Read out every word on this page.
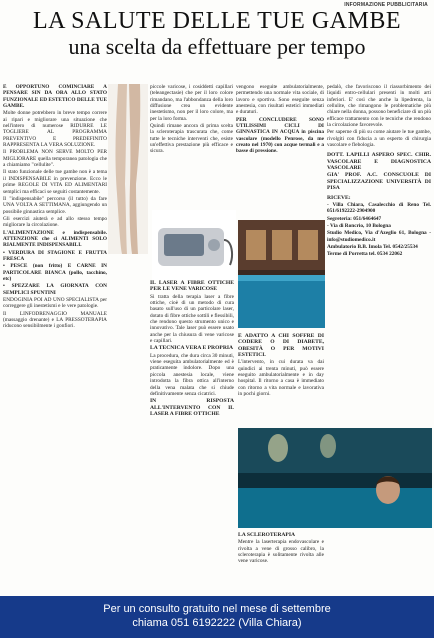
INFORMAZIONE PUBBLICITARIA
LA SALUTE DELLE TUE GAMBE
una scelta da effettuare per tempo

È OPPORTUNO COMINCIARE A PENSARE SIN DA ORA ALLO STATO FUNZIONALE ED ESTETICO DELLE TUE GAMBE.

Molte donne potrebbero in breve tempo correre ai ripari e migliorare una situazione che nell'intero di numerose RIDURRE LE TOGLIERE AL PROGRAMMA PREVENTIVO E PREDEFINITO RAPPRESENTA LA VERA SOLUZIONE.

Il PROBLEMA NON SERVE MOLTO PER MIGLIORARE quella temporanea patologia che a chiamiamo "cellulite".

Il stato funzionale delle tue gambe non è a tema il INDISPENSABILE in prevenzione. Ecco le prime REGOLE DI VITA ED ALIMENTARI semplici ma efficaci se seguiti costantemente.

Il "indispensabile" percorso (il tutto) da fare UNA VOLTA A SETTIMANA, aggiungendo un possibile ginnastica semplice.

Gli esercizi aiuterà e ad allo stesso tempo migliorare la circolazione.

L'ALIMENTAZIONE e indispensabile. ATTENZIONE che ci ALIMENTI SOLO RIALMENTE INDISPENSABILI.

• VERDURA DI STAGIONE E FRUTTA FRESCA

• PESCE (non fritto) E CARNE IN PARTICOLARE BIANCA (pollo, tacchino, etc)

• SPEZZARE LA GIORNATA CON SEMPLICI SPUNTINI

ENDOGINIA POI AD UNO SPECIALISTA per correggere gli inestetismi e le vere patologie.

Il LINFODRENAGGIO MANUALE (massaggio drenante) e LA PRESSOTERAPIA riducono sensibilmente i gonfiori.

piccole varicose, i cosiddetti capillari (teleangectasie) che per il loro colore rimandano, ma l'abbondanza della loro diffusione crea un evidente inestetismo, non per il loro colore, ma per la loro forma.

Quindi rimane ancora di prima scelta la scleroterapia trascurata che, come tutte le tecniche interventi che, esiste un'effettiva prestazione più efficace e sicura.

vengono eseguite ambulatorialmente, permettendo una normale vita sociale, di lavoro e sportiva. Sono eseguite senza anestesia, con risultati estetici immediati e duraturi.

PER CONCLUDERE SONO UTILISSIMI CICLI DI GINNASTICA IN ACQUA in piscina vascolare (modello Penrose, da me creato nel 1970) con acque termali e a basse di pressione.

IL LASER A FIBRE OTTICHE PER LE VENE VARICOSE

Si tratta della terapia laser a fibre ottiche, cioè di un metodo di cura basato sull'uso di un particolare laser, dotato di fibre ottiche sottili e flessibili, che rendono questo strumento unico e innovativo. Tale laser può essere usato anche per la chiusura di vene varicose e capillari.

LA TECNICA VERA E PROPRIA

La procedura, che dura circa 30 minuti, viene eseguita ambulatorialmente ed è praticamente indolore. Dopo una piccola anestesia locale, viene introdotta la fibra ottica all'interno della vena malata che si chiude definitivamente senza cicatrici.

IN RISPOSTA ALL'INTERVENTO CON IL LASER A FIBRE OTTICHE

È ADATTO A CHI SOFFRE DI CODERE O DI DIABETE, OBESITÀ O PER MOTIVI ESTETICI.

L'intervento, in cui durata va dai quindici ai trenta minuti, può essere eseguito ambulatorialmente e in day hospital. Il ritorno a casa è immediato con ritorno a vita normale e lavorativa in pochi giorni.

LA SCLEROTERAPIA

Mentre la laserterapia endovascolare e rivolta a vene di grosso calibro, la scleroterapia è solitamente rivolta alle vene varicose.

pedalò, che favoriscono il riassorbimento dei liquidi entro-cellulari presenti in molti arti inferiori. E' così che anche la lipedrenta, la cellulite, che rimangono le problematiche più chiare nella donna, possono beneficiare di un più efficace trattamento con le tecniche che rendono la circolazione favorevole.

Per saperne di più su come aiutare le tue gambe, rivolgiti con fiducia a un esperto di chirurgia vascolare e flebologia.

DOTT. LAPILLI ASPERO SPEC. CHIR. VASCOLARE E DIAGNOSTICA VASCOLARE

GIA' PROF. A.C. CONSCUOLE DI SPECIALIZZAZIONE UNIVERSITÀ DI PISA

RICEVE:

- Villa Chiara, Casalecchio di Reno Tel. 051/6192222-2904900

Segreteria: 051/6464647

- Via di Roncrio, 10 Bologna

Studio Medico, Via d'Azeglio 61, Bologna - info@studiomedico.it

Ambulatorio B.B. Imola Tel. 0542/25534

Terme di Porretta tel. 0534 22062

Per un consulto gratuito nel mese di settembre
chiama 051 6192222 (Villa Chiara)
